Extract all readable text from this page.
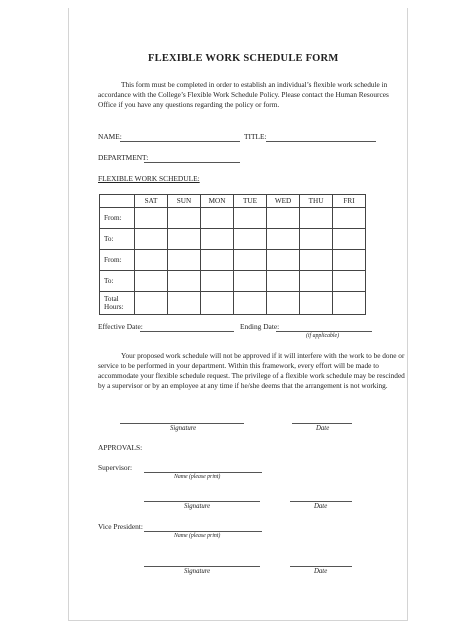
FLEXIBLE WORK SCHEDULE FORM
This form must be completed in order to establish an individual’s flexible work schedule in
accordance with the College’s Flexible Work Schedule Policy. Please contact the Human Resources
Office if you have any questions regarding the policy or form.
NAME:	TITLE:
DEPARTMENT:
FLEXIBLE WORK SCHEDULE:
	SAT	SUN	MON	TUE	WED	THU	FRI
From:							
To:							
From:							
To:							
Total
Hours:							
Effective Date:	Ending Date:
(if applicable)
Your proposed work schedule will not be approved if it will interfere with the work to be done or
service to be performed in your department. Within this framework, every effort will be made to
accommodate your flexible schedule request. The privilege of a flexible work schedule may be rescinded
by a supervisor or by an employee at any time if he/she deems that the arrangement is not working.
Signature	Date
APPROVALS:
Supervisor:
Name (please print)
Signature	Date
Vice President:
Name (please print)
Signature	Date
